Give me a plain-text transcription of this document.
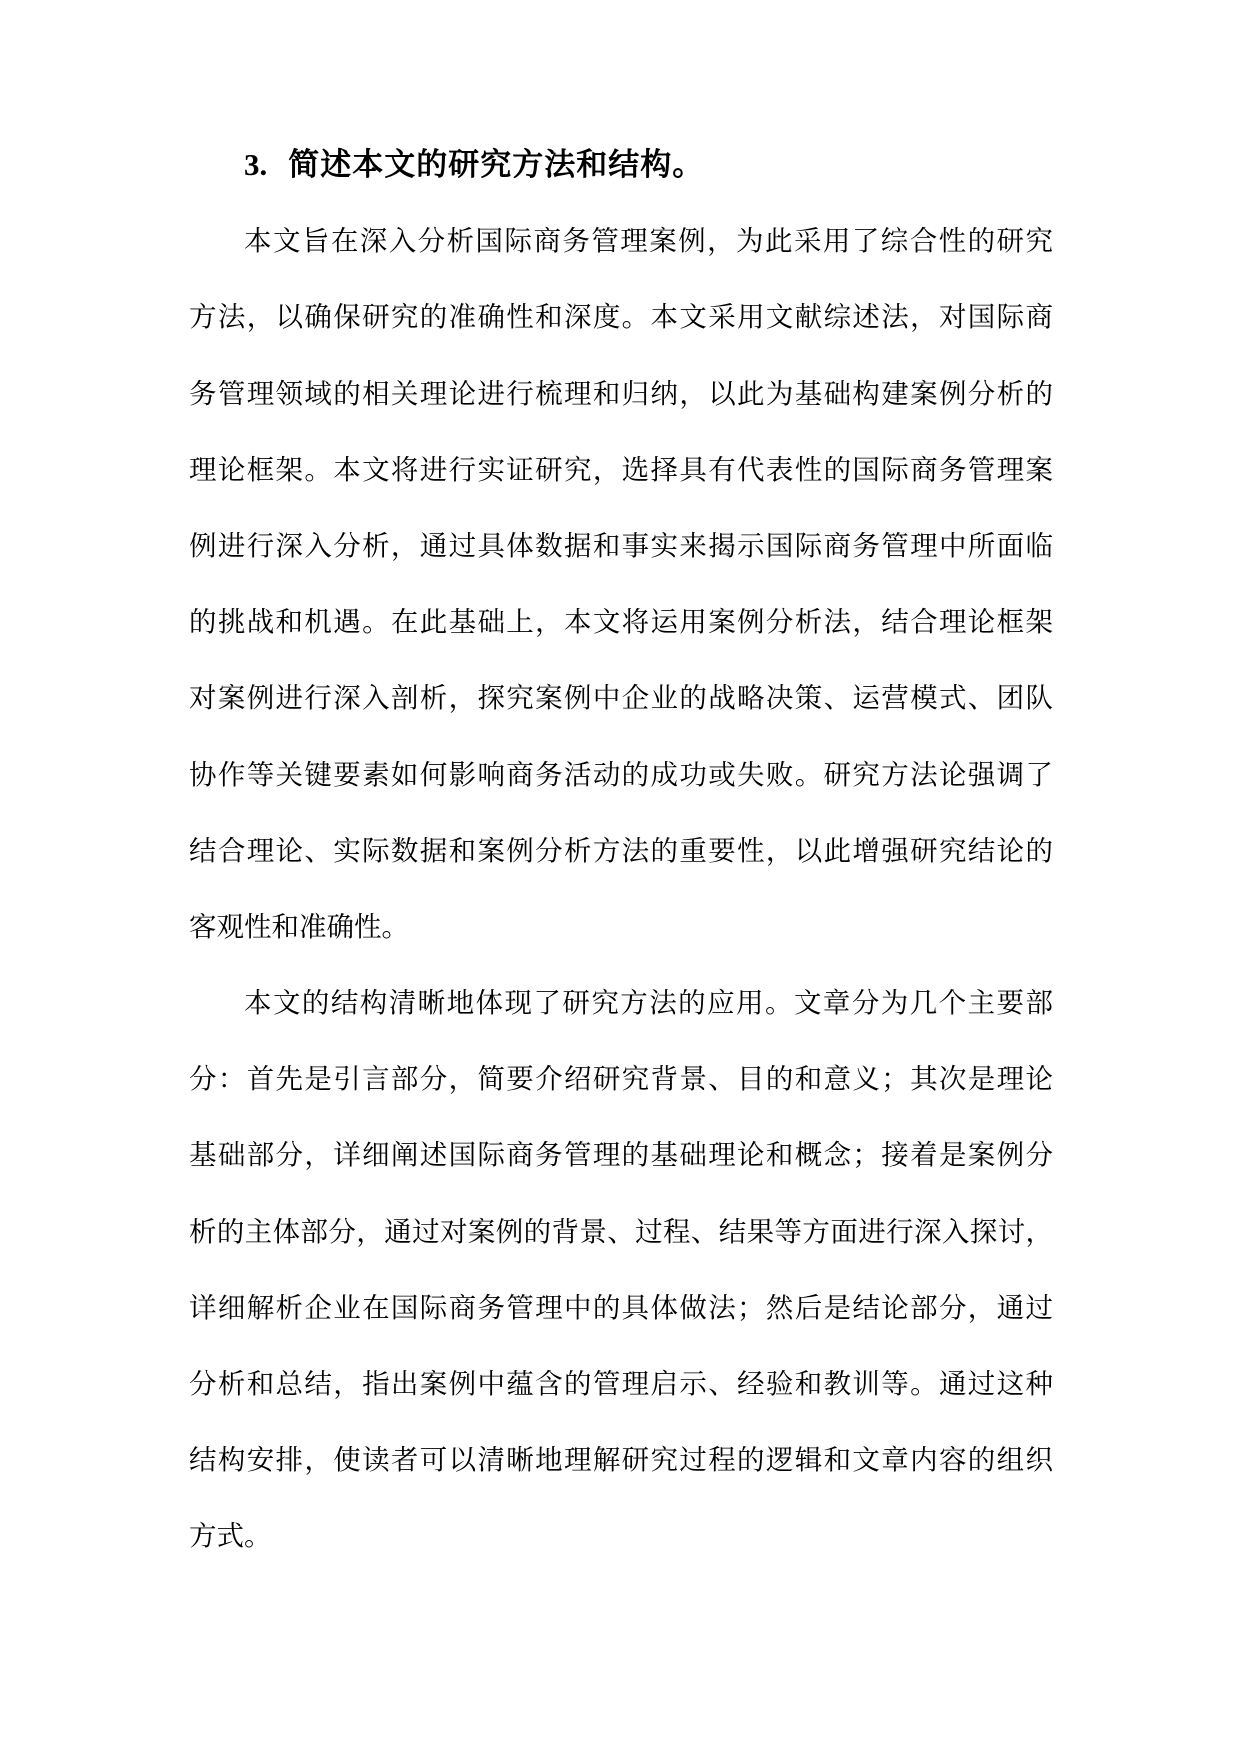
3. 简述本文的研究方法和结构。
本文旨在深入分析国际商务管理案例，为此采用了综合性的研究
方法，以确保研究的准确性和深度。本文采用文献综述法，对国际商
务管理领域的相关理论进行梳理和归纳，以此为基础构建案例分析的
理论框架。本文将进行实证研究，选择具有代表性的国际商务管理案
例进行深入分析，通过具体数据和事实来揭示国际商务管理中所面临
的挑战和机遇。在此基础上，本文将运用案例分析法，结合理论框架
对案例进行深入剖析，探究案例中企业的战略决策、运营模式、团队
协作等关键要素如何影响商务活动的成功或失败。研究方法论强调了
结合理论、实际数据和案例分析方法的重要性，以此增强研究结论的
客观性和准确性。
本文的结构清晰地体现了研究方法的应用。文章分为几个主要部
分：首先是引言部分，简要介绍研究背景、目的和意义；其次是理论
基础部分，详细阐述国际商务管理的基础理论和概念；接着是案例分
析的主体部分，通过对案例的背景、过程、结果等方面进行深入探讨，
详细解析企业在国际商务管理中的具体做法；然后是结论部分，通过
分析和总结，指出案例中蕴含的管理启示、经验和教训等。通过这种
结构安排，使读者可以清晰地理解研究过程的逻辑和文章内容的组织
方式。
